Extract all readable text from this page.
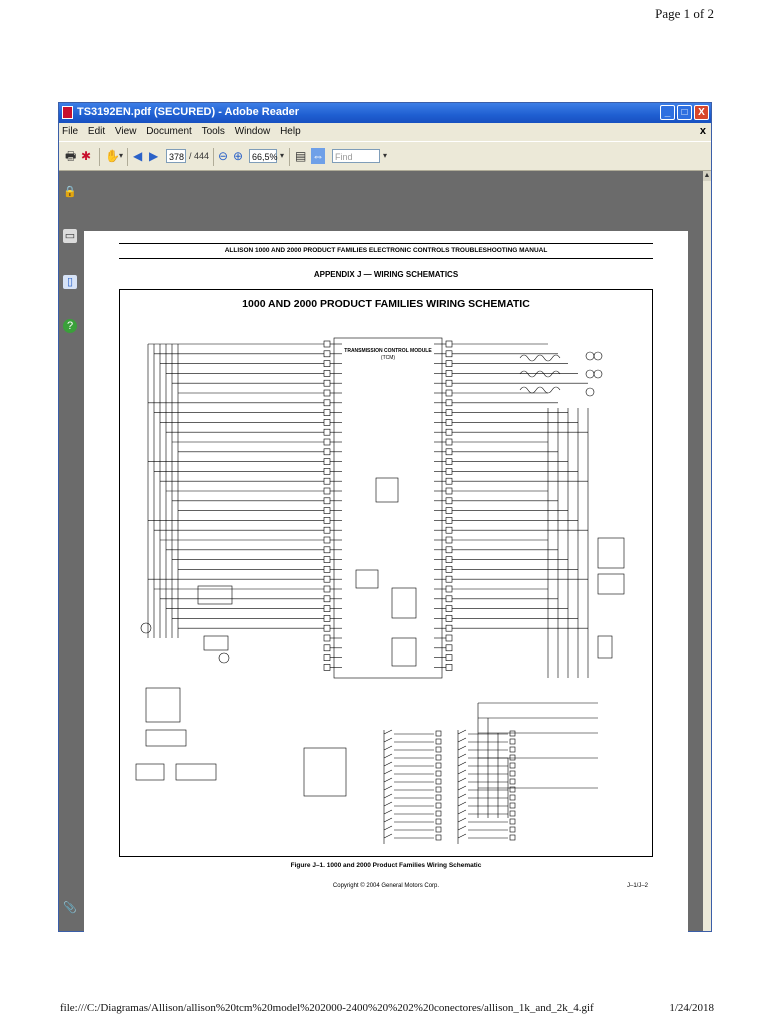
Page 1 of 2
TS3192EN.pdf (SECURED) - Adobe Reader	_	□	X
File Edit View Document Tools Window Help	x
🖶 ✱ ✋ ▾ ◀ ▶	378 / 444 ⊖ ⊕ 66,5% ▾ ▤ ⇔	Find	▾
🔒
▭
▯
?
📎
▲
ALLISON 1000 AND 2000 PRODUCT FAMILIES ELECTRONIC CONTROLS TROUBLESHOOTING MANUAL
APPENDIX J — WIRING SCHEMATICS
1000 AND 2000 PRODUCT FAMILIES WIRING SCHEMATIC
TRANSMISSION CONTROL MODULE
(TCM)
Figure J–1. 1000 and 2000 Product Families Wiring Schematic
Copyright © 2004 General Motors Corp.	J–1/J–2
file:///C:/Diagramas/Allison/allison%20tcm%20model%202000-2400%20%202%20conectores/allison_1k_and_2k_4.gif	1/24/2018
